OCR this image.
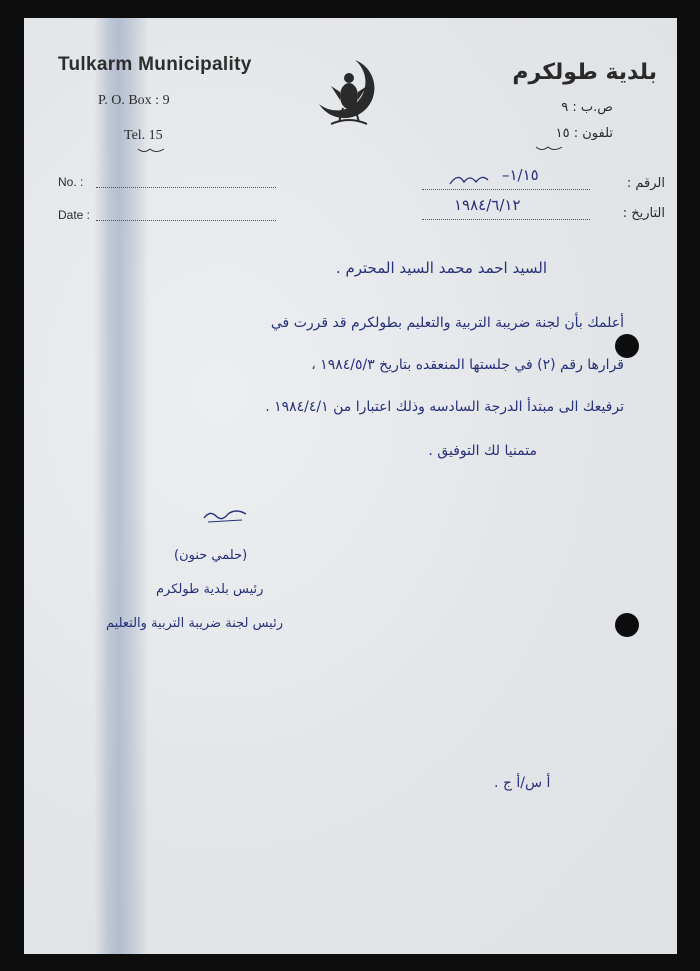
Tulkarm Municipality
P. O. Box : 9
Tel. 15
بلدية طولكرم
ص.ب : ٩
تلفون : ١٥
No. :
Date :
الرقم :
التاريخ :
١/١٥–
١٩٨٤/٦/١٢
السيد احمد محمد السيد المحترم .
أعلمك بأن لجنة ضريبة التربية والتعليم بطولكرم قد قررت في
قرارها رقم (٢) في جلستها المنعقده بتاريخ ١٩٨٤/٥/٣ ،
ترفيعك الى مبتدأ الدرجة السادسه وذلك اعتبارا من ١٩٨٤/٤/١ .
متمنيا لك التوفيق .
(حلمي حنون)
رئيس بلدية طولكرم
رئيس لجنة ضريبة التربية والتعليم
أ س/أ ج .
